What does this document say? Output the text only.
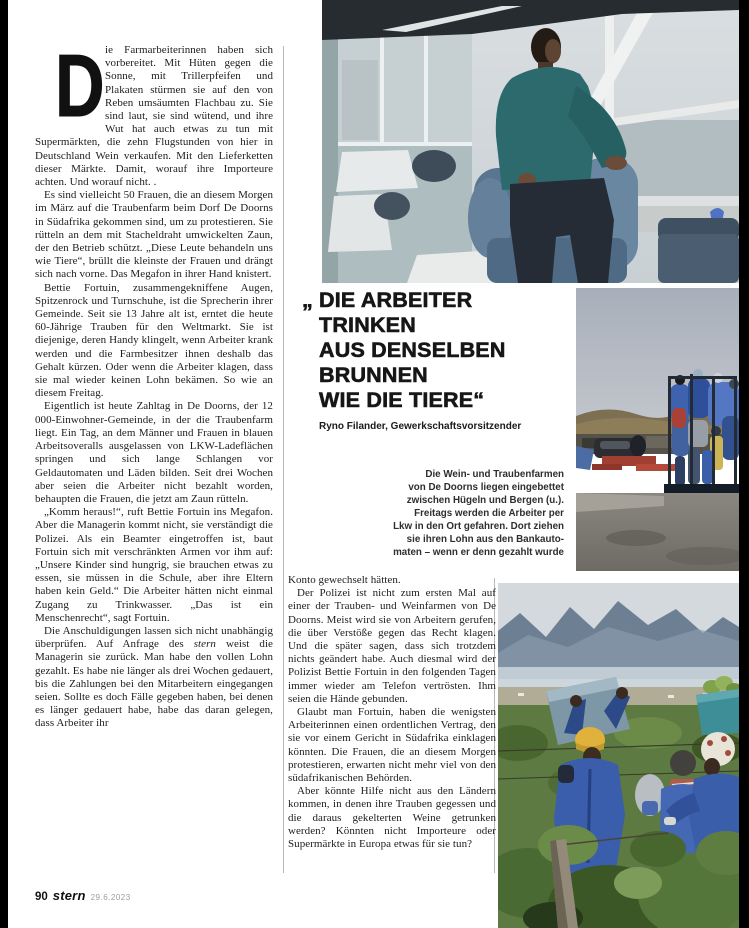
D ie Farmarbeiterinnen haben sich vorbereitet. Mit Hüten gegen die Sonne, mit Trillerpfeifen und Plakaten stürmen sie auf den von Reben umsäumten Flachbau zu. Sie sind laut, sie sind wütend, und ihre Wut hat auch etwas zu tun mit Supermärkten, die zehn Flugstunden von hier in Deutschland Wein verkaufen. Mit den Lieferketten dieser Märkte. Damit, worauf ihre Importeure achten. Und worauf nicht. .

Es sind vielleicht 50 Frauen, die an diesem Morgen im März auf die Traubenfarm beim Dorf De Doorns in Südafrika gekommen sind, um zu protestieren. Sie rütteln an dem mit Stacheldraht umwickelten Zaun, der den Betrieb schützt. „Diese Leute behandeln uns wie Tiere“, brüllt die kleinste der Frauen und drängt sich nach vorne. Das Megafon in ihrer Hand knistert.

Bettie Fortuin, zusammengekniffene Augen, Spitzenrock und Turnschuhe, ist die Sprecherin ihrer Gemeinde. Seit sie 13 Jahre alt ist, erntet die heute 60-Jährige Trauben für den Weltmarkt. Sie ist diejenige, deren Handy klingelt, wenn Arbeiter krank werden und die Farmbesitzer ihnen deshalb das Gehalt kürzen. Oder wenn die Arbeiter klagen, dass sie mal wieder keinen Lohn bekämen. So wie an diesem Freitag.

Eigentlich ist heute Zahltag in De Doorns, der 12 000-Einwohner-Gemeinde, in der die Traubenfarm liegt. Ein Tag, an dem Männer und Frauen in blauen Arbeitsoveralls ausgelassen von LKW-Ladeflächen springen und sich lange Schlangen vor Geldautomaten und Läden bilden. Seit drei Wochen aber seien die Arbeiter nicht bezahlt worden, behaupten die Frauen, die jetzt am Zaun rütteln.

„Komm heraus!“, ruft Bettie Fortuin ins Megafon. Aber die Managerin kommt nicht, sie verständigt die Polizei. Als ein Beamter eingetroffen ist, baut Fortuin sich mit verschränkten Armen vor ihm auf: „Unsere Kinder sind hungrig, sie brauchen etwas zu essen, sie müssen in die Schule, aber ihre Eltern haben kein Geld.“ Die Arbeiter hätten nicht einmal Zugang zu Trinkwasser. „Das ist ein Menschenrecht“, sagt Fortuin.

Die Anschuldigungen lassen sich nicht unabhängig überprüfen. Auf Anfrage des stern weist die Managerin sie zurück. Man habe den vollen Lohn gezahlt. Es habe nie länger als drei Wochen gedauert, bis die Zahlungen bei den Mitarbeitern eingegangen seien. Sollte es doch Fälle gegeben haben, bei denen es länger gedauert habe, habe das daran gelegen, dass Arbeiter ihr

Konto gewechselt hätten.

Der Polizei ist nicht zum ersten Mal auf einer der Trauben- und Weinfarmen von De Doorns. Meist wird sie von Arbeitern gerufen, die über Verstöße gegen das Recht klagen. Und die später sagen, dass sich trotzdem nichts geändert habe. Auch diesmal wird der Polizist Bettie Fortuin in den folgenden Tagen immer wieder am Telefon vertrösten. Ihm seien die Hände gebunden.

Glaubt man Fortuin, haben die wenigsten Arbeiterinnen einen ordentlichen Vertrag, den sie vor einem Gericht in Südafrika einklagen könnten. Die Frauen, die an diesem Morgen protestieren, erwarten nicht mehr viel von den südafrikanischen Behörden.

Aber könnte Hilfe nicht aus den Ländern kommen, in denen ihre Trauben gegessen und die daraus gekelterten Weine getrunken werden? Könnten nicht Importeure oder Supermärkte in Europa etwas für sie tun?

„ DIE ARBEITER
TRINKEN
AUS DENSELBEN
BRUNNEN
WIE DIE TIERE“
Ryno Filander, Gewerkschaftsvorsitzender
Die Wein- und Traubenfarmen
von De Doorns liegen eingebettet
zwischen Hügeln und Bergen (u.).
Freitags werden die Arbeiter per
Lkw in den Ort gefahren. Dort ziehen
sie ihren Lohn aus den Bankauto-
maten – wenn er denn gezahlt wurde
90 stern 29.6.2023
